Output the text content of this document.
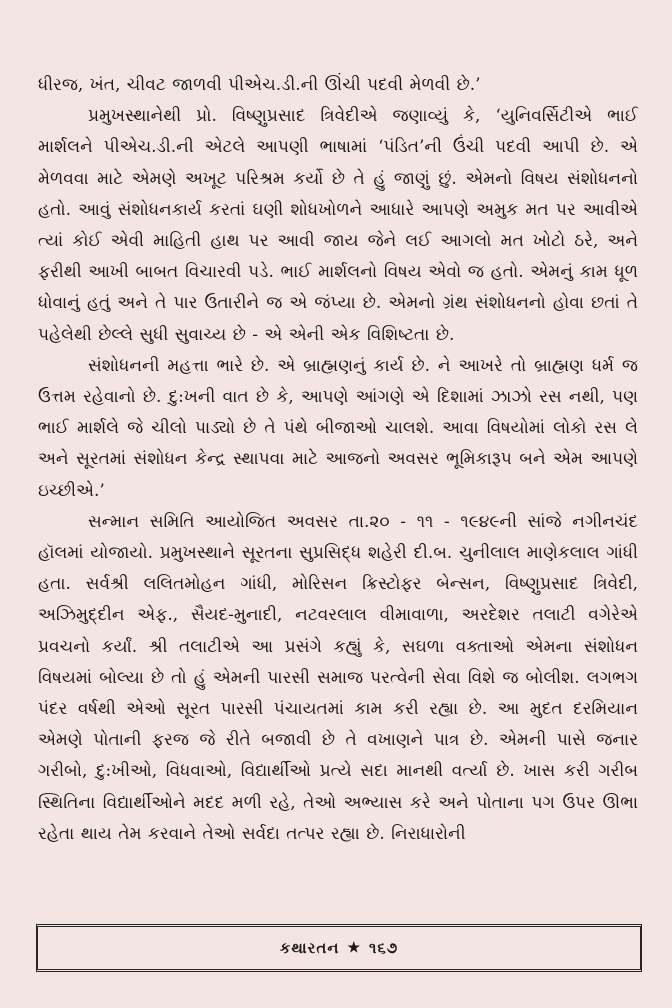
ધીરજ, ખંત, ચીવટ જાળવી પીએચ.ડી.ની ઊંચી પદવી મેળવી છે.’

પ્રમુખસ્થાનેથી પ્રો. વિષ્ણુપ્રસાદ ત્રિવેદીએ જણાવ્યું કે, ‘યુનિવર્સિટીએ ભાઈ માર્શલને પીએચ.ડી.ની એટલે આપણી ભાષામાં ‘પંડિત’ની ઉંચી પદવી આપી છે. એ મેળવવા માટે એમણે અખૂટ પરિશ્રમ કર્યો છે તે હું જાણું છું. એમનો વિષય સંશોધનનો હતો. આવું સંશોધનકાર્ય કરતાં ઘણી શોધખોળને આધારે આપણે અમુક મત પર આવીએ ત્યાં કોઈ એવી માહિતી હાથ પર આવી જાય જેને લઈ આગલો મત ખોટો ઠરે, અને ફરીથી આખી બાબત વિચારવી પડે. ભાઈ માર્શલનો વિષય એવો જ હતો. એમનું કામ ધૂળ ધોવાનું હતું અને તે પાર ઉતારીને જ એ જંપ્યા છે. એમનો ગ્રંથ સંશોધનનો હોવા છતાં તે પહેલેથી છેલ્લે સુધી સુવાચ્ય છે - એ એની એક વિશિષ્ટતા છે.

સંશોધનની મહત્તા ભારે છે. એ બ્રાહ્મણનું કાર્ય છે. ને આખરે તો બ્રાહ્મણ ધર્મ જ ઉત્તમ રહેવાનો છે. દુ:ખની વાત છે કે, આપણે આંગણે એ દિશામાં ઝાઝો રસ નથી, પણ ભાઈ માર્શલે જે ચીલો પાડ્યો છે તે પંથે બીજાઓ ચાલશે. આવા વિષયોમાં લોકો રસ લે અને સૂરતમાં સંશોધન કેન્દ્ર સ્થાપવા માટે આજનો અવસર ભૂમિકારૂપ બને એમ આપણે ઇચ્છીએ.’

સન્માન સમિતિ આયોજિત અવસર તા.૨૦ - ૧૧ - ૧૯૪૯ની સાંજે નગીનચંદ હૉલમાં યોજાયો. પ્રમુખસ્થાને સૂરતના સુપ્રસિદ્ધ શહેરી દી.બ. ચુનીલાલ માણેકલાલ ગાંધી હતા. સર્વશ્રી લલિતમોહન ગાંધી, મોરિસન ક્રિસ્ટોફર બેન્સન, વિષ્ણુપ્રસાદ ત્રિવેદી, અઝિમુદ્દીન એફ., સૈયદ-મુનાદી, નટવરલાલ વીમાવાળા, અરદેશર તલાટી વગેરેએ પ્રવચનો કર્યાં. શ્રી તલાટીએ આ પ્રસંગે કહ્યું કે, સઘળા વક્તાઓ એમના સંશોધન વિષયમાં બોલ્યા છે તો હું એમની પારસી સમાજ પરત્વેની સેવા વિશે જ બોલીશ. લગભગ પંદર વર્ષથી એઓ સૂરત પારસી પંચાયતમાં કામ કરી રહ્યા છે. આ મુદત દરમિયાન એમણે પોતાની ફરજ જે રીતે બજાવી છે તે વખાણને પાત્ર છે. એમની પાસે જનાર ગરીબો, દુ:ખીઓ, વિધવાઓ, વિદ્યાર્થીઓ પ્રત્યે સદા માનથી વર્ત્યા છે. ખાસ કરી ગરીબ સ્થિતિના વિદ્યાર્થીઓને મદદ મળી રહે, તેઓ અભ્યાસ કરે અને પોતાના પગ ઉપર ઊભા રહેતા થાય તેમ કરવાને તેઓ સર્વદા તત્પર રહ્યા છે. નિરાધારોની

કથારતન ★ ૧૬૭
